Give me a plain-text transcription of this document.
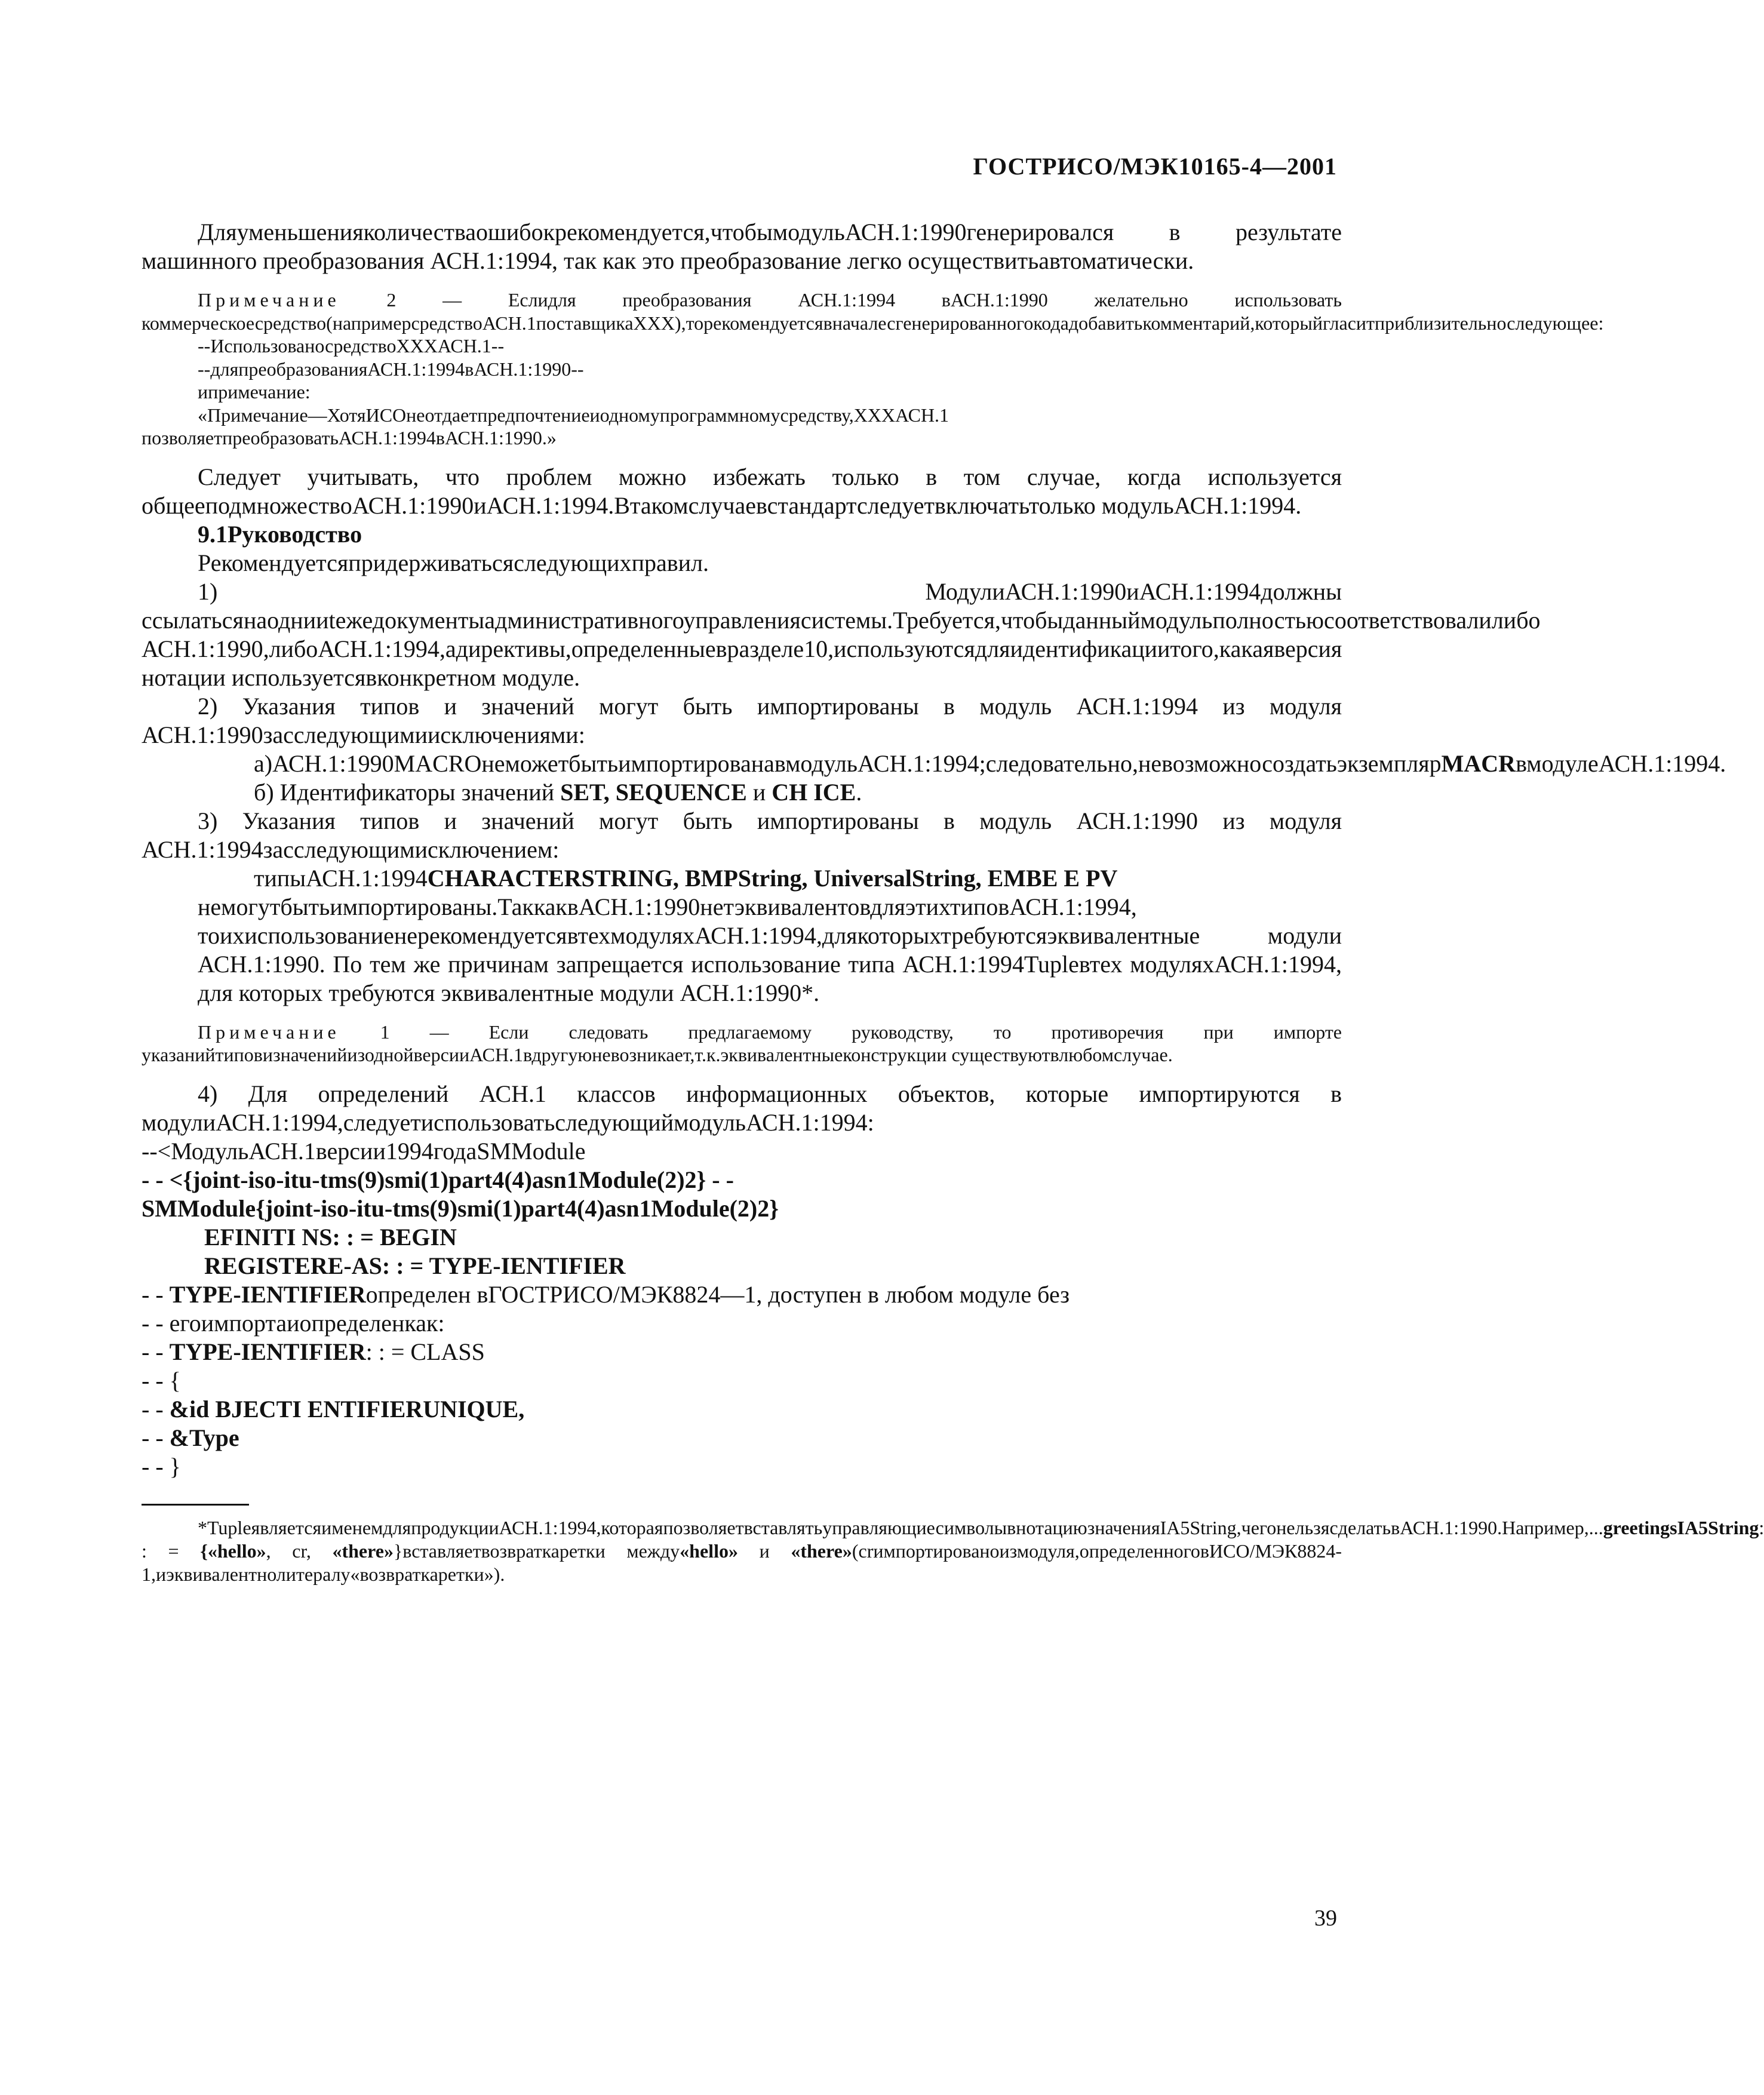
ГОСТРИСО/МЭК10165-4—2001

Дляуменьшенияколичестваошибокрекомендуется,чтобымодульАСН.1:1990генерировался в результате машинного преобразования АСН.1:1994, так как это преобразование легко осуществитьавтоматически.

Примечание 2 — Еслидля преобразования АСН.1:1994 вАСН.1:1990 желательно использовать коммерческоесредство(напримерсредствоАСН.1поставщикаXXX),торекомендуетсявначалесгенерированногокодадобавитькомментарий,которыйгласитприблизительноследующее:

--ИспользованосредствоXXXАСН.1--

--дляпреобразованияАСН.1:1994вАСН.1:1990--

ипримечание:

«Примечание—ХотяИСОнеотдаетпредпочтениеиодномупрограммномусредству,XXXАСН.1 позволяетпреобразоватьАСН.1:1994вАСН.1:1990.»

Следует учитывать, что проблем можно избежать только в том случае, когда используется общееподмножествоАСН.1:1990иАСН.1:1994.Втакомслучаевстандартследуетвключатьтолько модульАСН.1:1994.

9.1Руководство

Рекомендуетсяпридерживатьсяследующихправил.

1) МодулиАСН.1:1990иАСН.1:1994должны ссылатьсянаоднииtежедокументыадминистративногоуправлениясистемы.Требуется,чтобыданныймодульполностьюсоответствовалилибо АСН.1:1990,либоАСН.1:1994,адирективы,определенныевразделе10,используютсядляидентификациитого,какаяверсия нотации используетсявконкретном модуле.

2) Указания типов и значений могут быть импортированы в модуль АСН.1:1994 из модуля АСН.1:1990засследующимиисключениями:

а)АСН.1:1990MACROнеможетбытьимпортированавмодульАСН.1:1994;следовательно,невозможносоздатьэкземплярMACRвмодулеАСН.1:1994.

б) Идентификаторы значений SET, SEQUENCE и CH ICE.

3) Указания типов и значений могут быть импортированы в модуль АСН.1:1990 из модуля АСН.1:1994засследующимисключением:

типыАСН.1:1994CHARACTERSTRING, BMPString, UniversalString, EMBE E PV

немогутбытьимпортированы.ТаккаквАСН.1:1990нетэквивалентовдляэтихтиповАСН.1:1994, тоихиспользованиенерекомендуетсявтехмодуляхАСН.1:1994,длякоторыхтребуютсяэквивалентные модули АСН.1:1990. По тем же причинам запрещается использование типа АСН.1:1994Tupleвтех модуляхАСН.1:1994, для которых требуются эквивалентные модули АСН.1:1990*.

Примечание 1 — Если следовать предлагаемому руководству, то противоречия при импорте указанийтиповизначенийизоднойверсииАСН.1вдругуюневозникает,т.к.эквивалентныеконструкции существуютвлюбомслучае.

4) Для определений АСН.1 классов информационных объектов, которые импортируются в модулиАСН.1:1994,следуетиспользоватьследующиймодульАСН.1:1994:

--<МодульАСН.1версии1994годаSMModule

- - <{joint-iso-itu-tms(9)smi(1)part4(4)asn1Module(2)2} - -

SMModule{joint-iso-itu-tms(9)smi(1)part4(4)asn1Module(2)2}

EFINITI NS: : = BEGIN

REGISTERE-AS: : = TYPE-IENTIFIER

- - TYPE-IENTIFIERопределен вГОСТРИСО/МЭК8824—1, доступен в любом модуле без

- - егоимпортаиопределенкак:

- - TYPE-IENTIFIER: : = CLASS

- - {

- - &id BJECTI ENTIFIERUNIQUE,

- - &Type

- - }

*TupleявляетсяименемдляпродукцииАСН.1:1994,котораяпозволяетвставлятьуправляющиесимволывнотациюзначенияIA5String,чегонельзясделатьвАСН.1:1990.Например,...greetingsIA5String: : = {«hello», cr, «there»}вставляетвозвраткаретки между«hello» и «there»(crимпортированоизмодуля,определенноговИСО/МЭК8824-1,иэквивалентнолитералу«возвраткаретки»).

39
